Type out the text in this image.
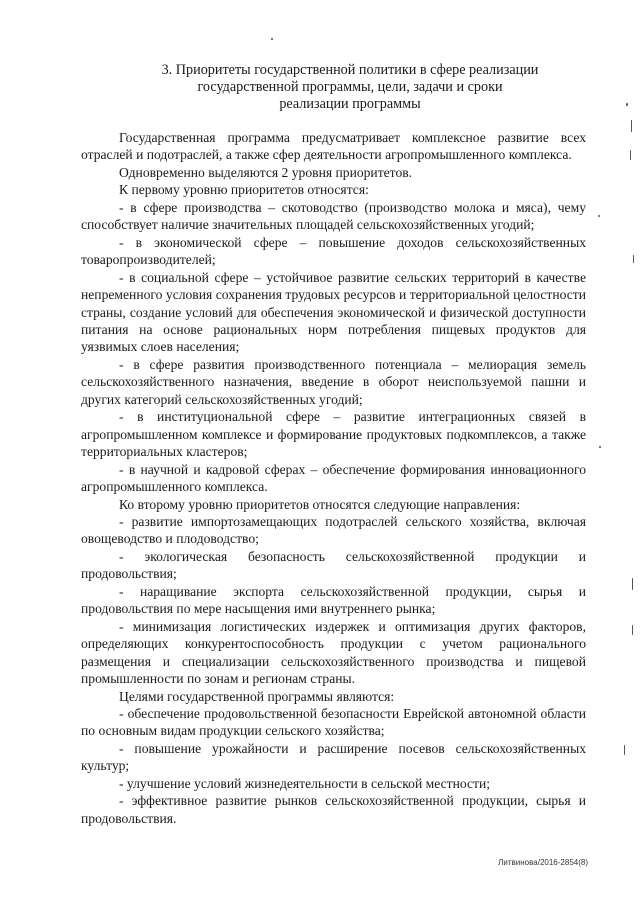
3. Приоритеты государственной политики в сфере реализации
государственной программы, цели, задачи и сроки
реализации программы

Государственная программа предусматривает комплексное развитие всех отраслей и подотраслей, а также сфер деятельности агропромышленного комплекса.

Одновременно выделяются 2 уровня приоритетов.

К первому уровню приоритетов относятся:

- в сфере производства – скотоводство (производство молока и мяса), чему способствует наличие значительных площадей сельскохозяйственных угодий;

- в экономической сфере – повышение доходов сельскохозяйственных товаропроизводителей;

- в социальной сфере – устойчивое развитие сельских территорий в качестве непременного условия сохранения трудовых ресурсов и территориальной целостности страны, создание условий для обеспечения экономической и физической доступности питания на основе рациональных норм потребления пищевых продуктов для уязвимых слоев населения;

- в сфере развития производственного потенциала – мелиорация земель сельскохозяйственного назначения, введение в оборот неиспользуемой пашни и других категорий сельскохозяйственных угодий;

- в институциональной сфере – развитие интеграционных связей в агропромышленном комплексе и формирование продуктовых подкомплексов, а также территориальных кластеров;

- в научной и кадровой сферах – обеспечение формирования инновационного агропромышленного комплекса.

Ко второму уровню приоритетов относятся следующие направления:

- развитие импортозамещающих подотраслей сельского хозяйства, включая овощеводство и плодоводство;

- экологическая безопасность сельскохозяйственной продукции и продовольствия;

- наращивание экспорта сельскохозяйственной продукции, сырья и продовольствия по мере насыщения ими внутреннего рынка;

- минимизация логистических издержек и оптимизация других факторов, определяющих конкурентоспособность продукции с учетом рационального размещения и специализации сельскохозяйственного производства и пищевой промышленности по зонам и регионам страны.

Целями государственной программы являются:

- обеспечение продовольственной безопасности Еврейской автономной области по основным видам продукции сельского хозяйства;

- повышение урожайности и расширение посевов сельскохозяйственных культур;

- улучшение условий жизнедеятельности в сельской местности;

- эффективное развитие рынков сельскохозяйственной продукции, сырья и продовольствия.

Литвинова/2016-2854(8)
